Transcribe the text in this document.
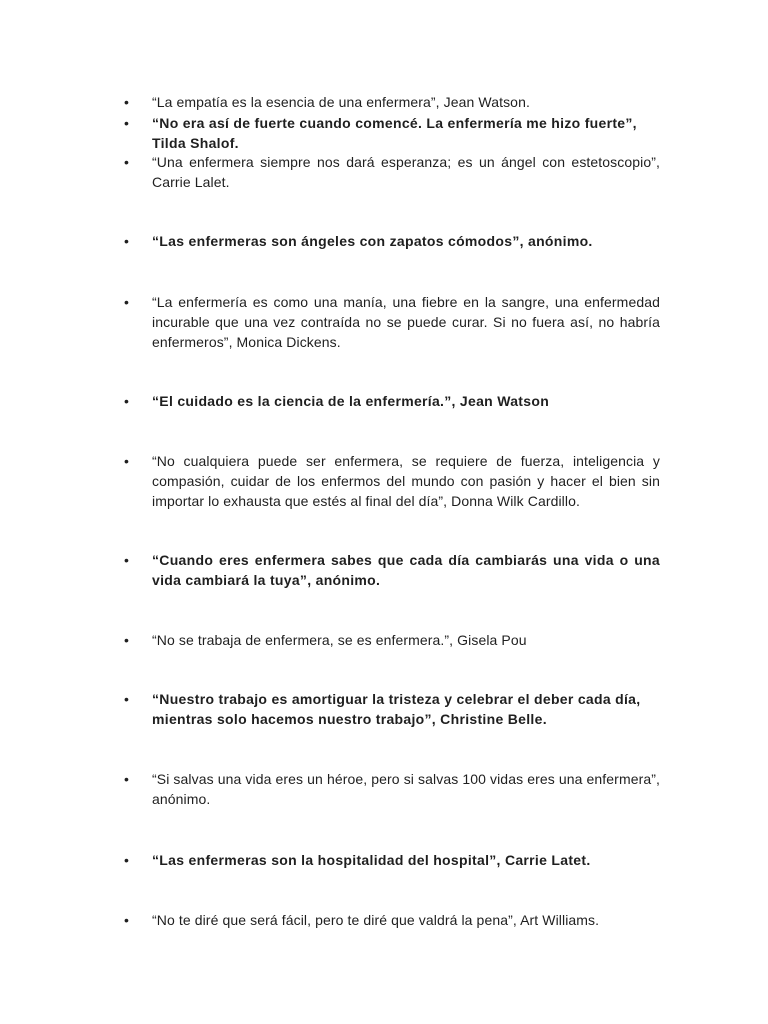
•	“La empatía es la esencia de una enfermera”, Jean Watson.
•	“No era así de fuerte cuando comencé. La enfermería me hizo fuerte”, Tilda Shalof.
•	“Una enfermera siempre nos dará esperanza; es un ángel con estetoscopio”, Carrie Lalet.
•	“Las enfermeras son ángeles con zapatos cómodos”, anónimo.
•	“La enfermería es como una manía, una fiebre en la sangre, una enfermedad incurable que una vez contraída no se puede curar. Si no fuera así, no habría enfermeros”, Monica Dickens.
•	“El cuidado es la ciencia de la enfermería.”, Jean Watson
•	“No cualquiera puede ser enfermera, se requiere de fuerza, inteligencia y compasión, cuidar de los enfermos del mundo con pasión y hacer el bien sin importar lo exhausta que estés al final del día”, Donna Wilk Cardillo.
•	“Cuando eres enfermera sabes que cada día cambiarás una vida o una vida cambiará la tuya”, anónimo.
•	“No se trabaja de enfermera, se es enfermera.”, Gisela Pou
•	“Nuestro trabajo es amortiguar la tristeza y celebrar el deber cada día, mientras solo hacemos nuestro trabajo”, Christine Belle.
•	“Si salvas una vida eres un héroe, pero si salvas 100 vidas eres una enfermera”, anónimo.
•	“Las enfermeras son la hospitalidad del hospital”, Carrie Latet.
•	“No te diré que será fácil, pero te diré que valdrá la pena”, Art Williams.
